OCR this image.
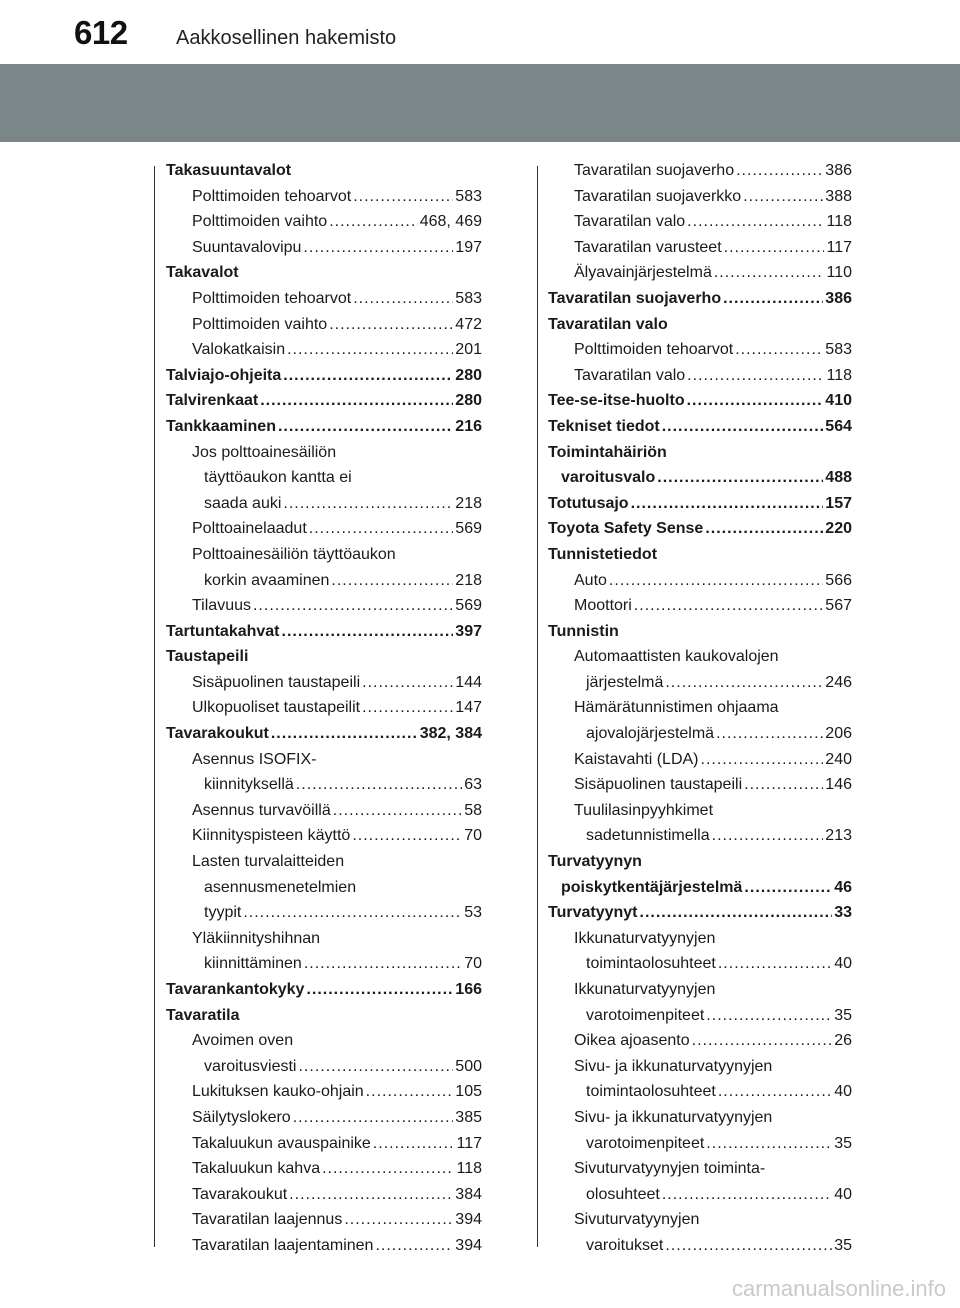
612 Aakkosellinen hakemisto
Takasuuntavalot
Polttimoiden tehoarvot .....	583
Polttimoiden vaihto .....	468, 469
Suuntavalovipu .....	197
Takavalot
Polttimoiden tehoarvot .....	583
Polttimoiden vaihto .....	472
Valokatkaisin .....	201
Talviajo-ohjeita .....	280
Talvirenkaat .....	280
Tankkaaminen .....	216
Jos polttoainesäiliön
täyttöaukon kantta ei
saada auki .....	218
Polttoainelaadut .....	569
Polttoainesäiliön täyttöaukon
korkin avaaminen .....	218
Tilavuus .....	569
Tartuntakahvat .....	397
Taustapeili
Sisäpuolinen taustapeili .....	144
Ulkopuoliset taustapeilit .....	147
Tavarakoukut .....	382, 384
Asennus ISOFIX-
kiinnityksellä .....	63
Asennus turvavöillä .....	58
Kiinnityspisteen käyttö .....	70
Lasten turvalaitteiden
asennusmenetelmien
tyypit .....	53
Yläkiinnityshihnan
kiinnittäminen .....	70
Tavarankantokyky .....	166
Tavaratila
Avoimen oven
varoitusviesti .....	500
Lukituksen kauko-ohjain .....	105
Säilytyslokero .....	385
Takaluukun avauspainike .....	117
Takaluukun kahva .....	118
Tavarakoukut .....	384
Tavaratilan laajennus .....	394
Tavaratilan laajentaminen .....	394
Tavaratilan suojaverho .....	386
Tavaratilan suojaverkko .....	388
Tavaratilan valo .....	118
Tavaratilan varusteet .....	117
Älyavainjärjestelmä .....	110
Tavaratilan suojaverho .....	386
Tavaratilan valo
Polttimoiden tehoarvot .....	583
Tavaratilan valo .....	118
Tee-se-itse-huolto .....	410
Tekniset tiedot .....	564
Toimintahäiriön
varoitusvalo .....	488
Totutusajo .....	157
Toyota Safety Sense .....	220
Tunnistetiedot
Auto .....	566
Moottori .....	567
Tunnistin
Automaattisten kaukovalojen
järjestelmä .....	246
Hämärätunnistimen ohjaama
ajovalojärjestelmä .....	206
Kaistavahti (LDA) .....	240
Sisäpuolinen taustapeili .....	146
Tuulilasinpyyhkimet
sadetunnistimella .....	213
Turvatyynyn
poiskytkentäjärjestelmä .....	46
Turvatyynyt .....	33
Ikkunaturvatyynyjen
toimintaolosuhteet .....	40
Ikkunaturvatyynyjen
varotoimenpiteet .....	35
Oikea ajoasento .....	26
Sivu- ja ikkunaturvatyynyjen
toimintaolosuhteet .....	40
Sivu- ja ikkunaturvatyynyjen
varotoimenpiteet .....	35
Sivuturvatyynyjen toiminta-
olosuhteet .....	40
Sivuturvatyynyjen
varoitukset .....	35
carmanualsonline.info
